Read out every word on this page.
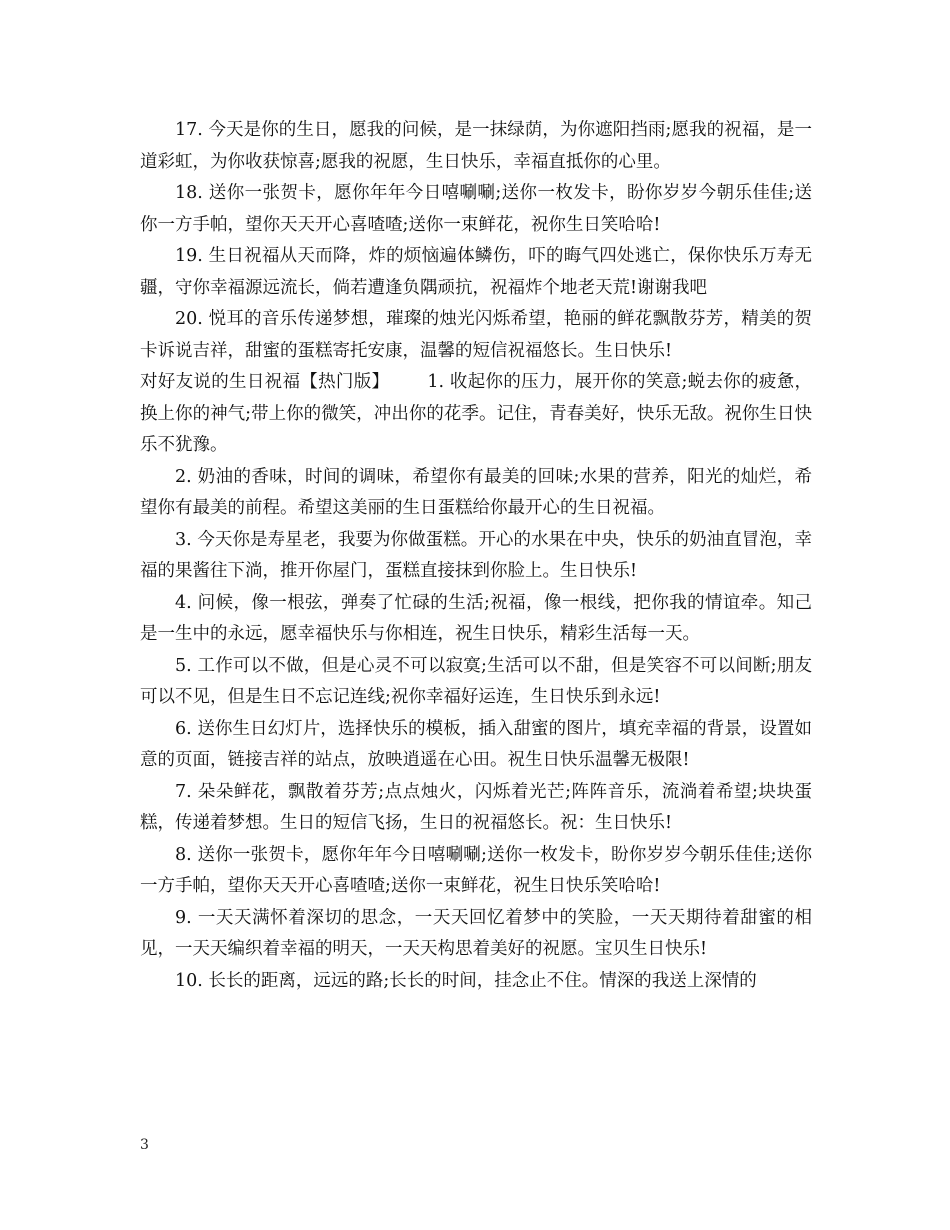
17. 今天是你的生日，愿我的问候，是一抹绿荫，为你遮阳挡雨;愿我的祝福，是一道彩虹，为你收获惊喜;愿我的祝愿，生日快乐，幸福直抵你的心里。

18. 送你一张贺卡，愿你年年今日嘻唰唰;送你一枚发卡，盼你岁岁今朝乐佳佳;送你一方手帕，望你天天开心喜喳喳;送你一束鲜花，祝你生日笑哈哈!

19. 生日祝福从天而降，炸的烦恼遍体鳞伤，吓的晦气四处逃亡，保你快乐万寿无疆，守你幸福源远流长，倘若遭逢负隅顽抗，祝福炸个地老天荒!谢谢我吧

20. 悦耳的音乐传递梦想，璀璨的烛光闪烁希望，艳丽的鲜花飘散芬芳，精美的贺卡诉说吉祥，甜蜜的蛋糕寄托安康，温馨的短信祝福悠长。生日快乐!

对好友说的生日祝福【热门版】 1. 收起你的压力，展开你的笑意;蜕去你的疲惫，换上你的神气;带上你的微笑，冲出你的花季。记住，青春美好，快乐无敌。祝你生日快乐不犹豫。

2. 奶油的香味，时间的调味，希望你有最美的回味;水果的营养，阳光的灿烂，希望你有最美的前程。希望这美丽的生日蛋糕给你最开心的生日祝福。

3. 今天你是寿星老，我要为你做蛋糕。开心的水果在中央，快乐的奶油直冒泡，幸福的果酱往下淌，推开你屋门，蛋糕直接抹到你脸上。生日快乐!

4. 问候，像一根弦，弹奏了忙碌的生活;祝福，像一根线，把你我的情谊牵。知己是一生中的永远，愿幸福快乐与你相连，祝生日快乐，精彩生活每一天。

5. 工作可以不做，但是心灵不可以寂寞;生活可以不甜，但是笑容不可以间断;朋友可以不见，但是生日不忘记连线;祝你幸福好运连，生日快乐到永远!

6. 送你生日幻灯片，选择快乐的模板，插入甜蜜的图片，填充幸福的背景，设置如意的页面，链接吉祥的站点，放映逍遥在心田。祝生日快乐温馨无极限!

7. 朵朵鲜花，飘散着芬芳;点点烛火，闪烁着光芒;阵阵音乐，流淌着希望;块块蛋糕，传递着梦想。生日的短信飞扬，生日的祝福悠长。祝：生日快乐!

8. 送你一张贺卡，愿你年年今日嘻唰唰;送你一枚发卡，盼你岁岁今朝乐佳佳;送你一方手帕，望你天天开心喜喳喳;送你一束鲜花，祝生日快乐笑哈哈!

9. 一天天满怀着深切的思念，一天天回忆着梦中的笑脸，一天天期待着甜蜜的相见，一天天编织着幸福的明天，一天天构思着美好的祝愿。宝贝生日快乐!

10. 长长的距离，远远的路;长长的时间，挂念止不住。情深的我送上深情的

3
